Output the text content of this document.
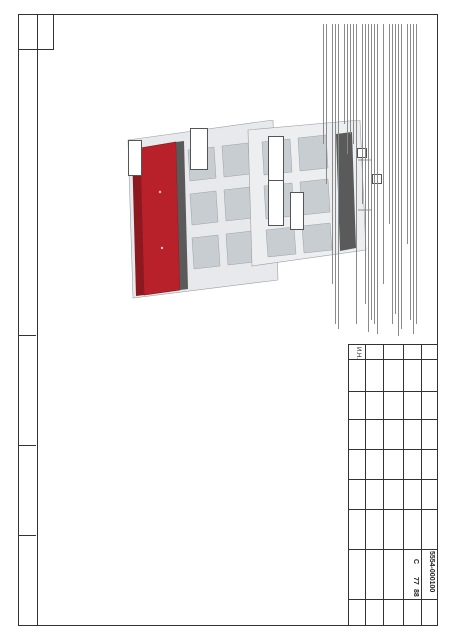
И.Н.
С
77
88
5554-000100
